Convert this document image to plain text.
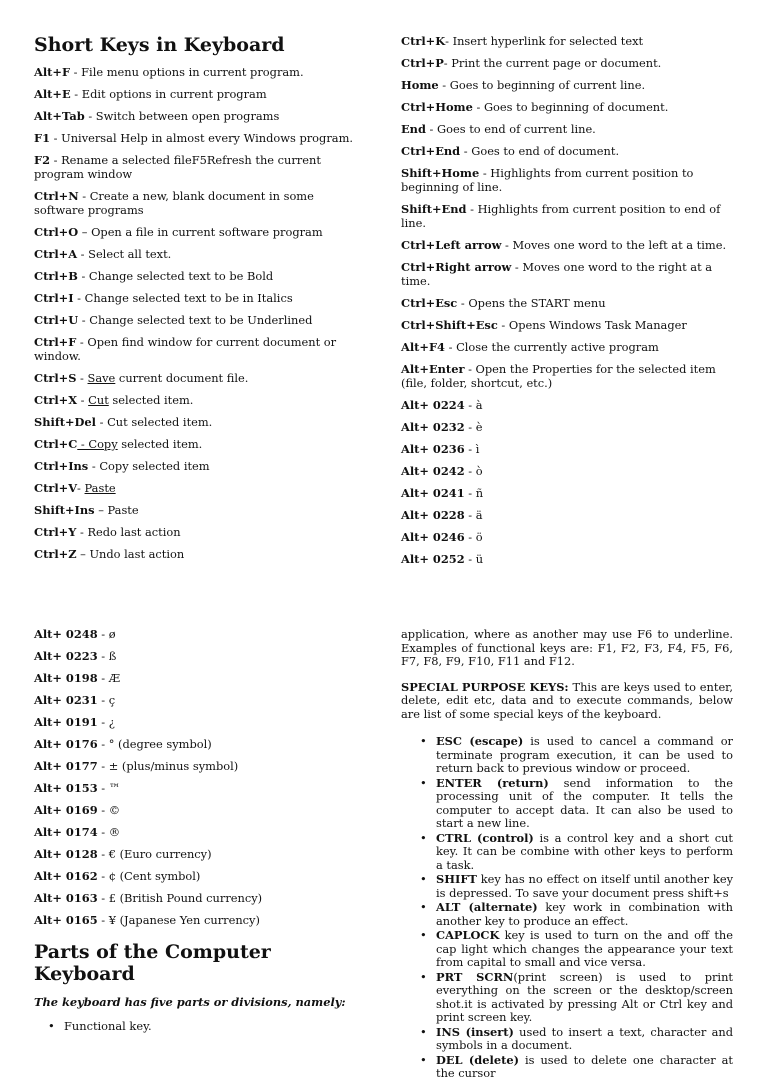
Short Keys in Keyboard
Alt+F - File menu options in current program.
Alt+E - Edit options in current program
Alt+Tab - Switch between open programs
F1 - Universal Help in almost every Windows program.
F2 - Rename a selected fileF5Refresh the current program window
Ctrl+N - Create a new, blank document in some software programs
Ctrl+O – Open a file in current software program
Ctrl+A - Select all text.
Ctrl+B - Change selected text to be Bold
Ctrl+I - Change selected text to be in Italics
Ctrl+U - Change selected text to be Underlined
Ctrl+F - Open find window for current document or window.
Ctrl+S - Save current document file.
Ctrl+X - Cut selected item.
Shift+Del - Cut selected item.
Ctrl+C - Copy selected item.
Ctrl+Ins - Copy selected item
Ctrl+V- Paste
Shift+Ins – Paste
Ctrl+Y - Redo last action
Ctrl+Z – Undo last action
Ctrl+K- Insert hyperlink for selected text
Ctrl+P- Print the current page or document.
Home - Goes to beginning of current line.
Ctrl+Home - Goes to beginning of document.
End - Goes to end of current line.
Ctrl+End - Goes to end of document.
Shift+Home - Highlights from current position to beginning of line.
Shift+End - Highlights from current position to end of line.
Ctrl+Left arrow - Moves one word to the left at a time.
Ctrl+Right arrow - Moves one word to the right at a time.
Ctrl+Esc - Opens the START menu
Ctrl+Shift+Esc - Opens Windows Task Manager
Alt+F4 - Close the currently active program
Alt+Enter - Open the Properties for the selected item (file, folder, shortcut, etc.)
Alt+ 0224 - à
Alt+ 0232 - è
Alt+ 0236 - ì
Alt+ 0242 - ò
Alt+ 0241 - ñ
Alt+ 0228 - ä
Alt+ 0246 - ö
Alt+ 0252 - ü
Alt+ 0248 - ø
Alt+ 0223 - ß
Alt+ 0198 - Æ
Alt+ 0231 - ç
Alt+ 0191 - ¿
Alt+ 0176 - ° (degree symbol)
Alt+ 0177 - ± (plus/minus symbol)
Alt+ 0153 - ™
Alt+ 0169 - ©
Alt+ 0174 - ®
Alt+ 0128 - € (Euro currency)
Alt+ 0162 - ¢ (Cent symbol)
Alt+ 0163 - £ (British Pound currency)
Alt+ 0165 - ¥ (Japanese Yen currency)
Parts of the Computer Keyboard

The keyboard has five parts or divisions, namely:

• Functional key.

application, where as another may use F6 to underline. Examples of functional keys are: F1, F2, F3, F4, F5, F6, F7, F8, F9, F10, F11 and F12.

SPECIAL PURPOSE KEYS: This are keys used to enter, delete, edit etc, data and to execute commands, below are list of some special keys of the keyboard.

• ESC (escape) is used to cancel a command or terminate program execution, it can be used to return back to previous window or proceed.
• ENTER (return) send information to the processing unit of the computer. It tells the computer to accept data. It can also be used to start a new line.
• CTRL (control) is a control key and a short cut key. It can be combine with other keys to perform a task.
• SHIFT key has no effect on itself until another key is depressed. To save your document press shift+s
• ALT (alternate) key work in combination with another key to produce an effect.
• CAPLOCK key is used to turn on the and off the cap light which changes the appearance your text from capital to small and vice versa.
• PRT SCRN(print screen) is used to print everything on the screen or the desktop/screen shot.it is activated by pressing Alt or Ctrl key and print screen key.
• INS (insert) used to insert a text, character and symbols in a document.
• DEL (delete) is used to delete one character at the cursor
